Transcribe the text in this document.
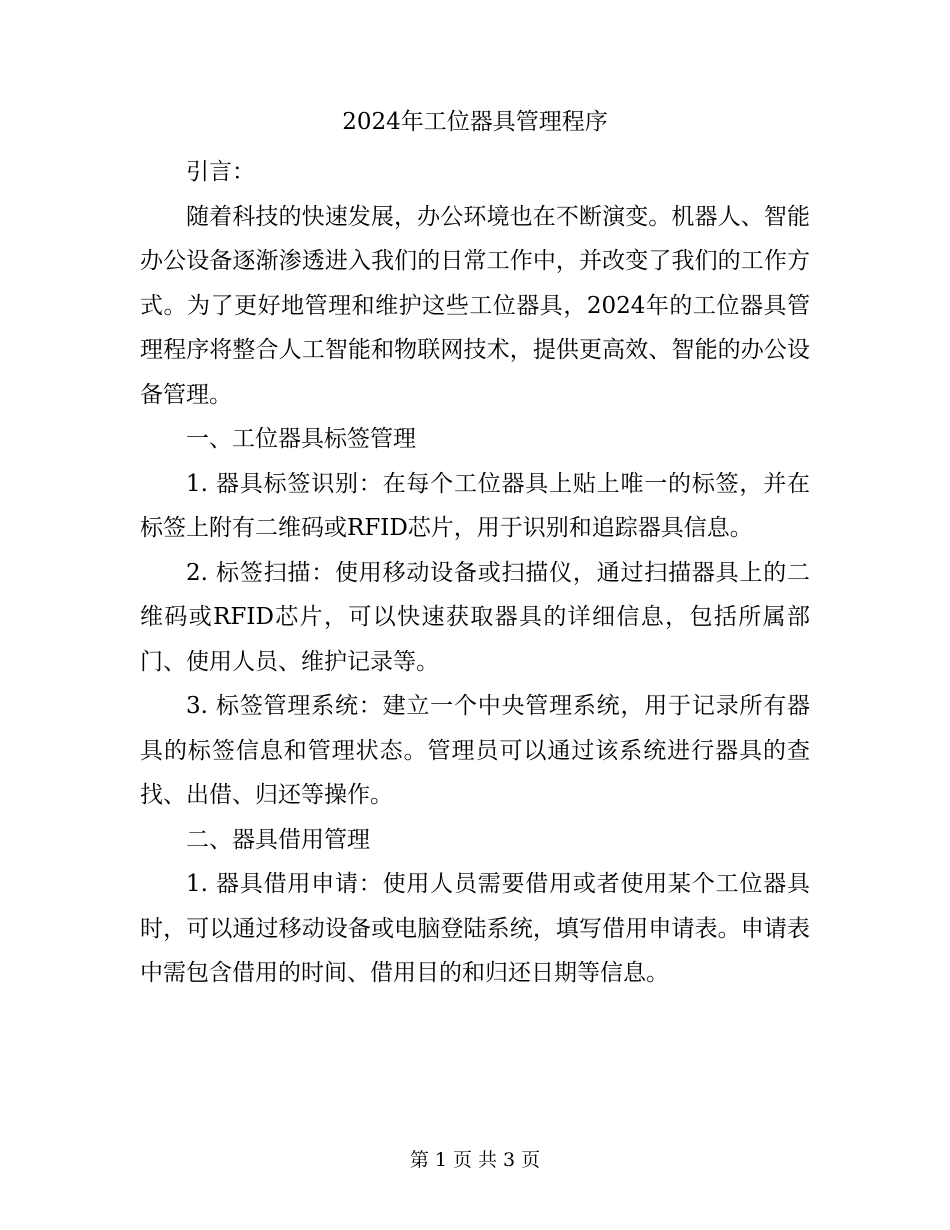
2024年工位器具管理程序

引言：

随着科技的快速发展，办公环境也在不断演变。机器人、智能办公设备逐渐渗透进入我们的日常工作中，并改变了我们的工作方式。为了更好地管理和维护这些工位器具，2024年的工位器具管理程序将整合人工智能和物联网技术，提供更高效、智能的办公设备管理。

一、工位器具标签管理

1. 器具标签识别：在每个工位器具上贴上唯一的标签，并在标签上附有二维码或RFID芯片，用于识别和追踪器具信息。

2. 标签扫描：使用移动设备或扫描仪，通过扫描器具上的二维码或RFID芯片，可以快速获取器具的详细信息，包括所属部门、使用人员、维护记录等。

3. 标签管理系统：建立一个中央管理系统，用于记录所有器具的标签信息和管理状态。管理员可以通过该系统进行器具的查找、出借、归还等操作。

二、器具借用管理

1. 器具借用申请：使用人员需要借用或者使用某个工位器具时，可以通过移动设备或电脑登陆系统，填写借用申请表。申请表中需包含借用的时间、借用目的和归还日期等信息。

第 1 页 共 3 页
